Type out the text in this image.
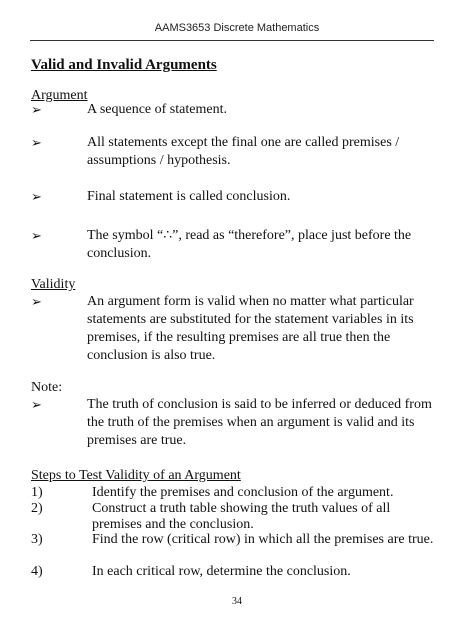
AAMS3653 Discrete Mathematics
Valid and Invalid Arguments
Argument
➢	A sequence of statement.
➢	All statements except the final one are called premises / assumptions / hypothesis.
➢	Final statement is called conclusion.
➢	The symbol “∴”, read as “therefore”, place just before the conclusion.
Validity
➢	An argument form is valid when no matter what particular statements are substituted for the statement variables in its premises, if the resulting premises are all true then the conclusion is also true.
Note:
➢	The truth of conclusion is said to be inferred or deduced from the truth of the premises when an argument is valid and its premises are true.
Steps to Test Validity of an Argument
1)	Identify the premises and conclusion of the argument.
2)	Construct a truth table showing the truth values of all premises and the conclusion.
3)	Find the row (critical row) in which all the premises are true.
4)	In each critical row, determine the conclusion.
34
